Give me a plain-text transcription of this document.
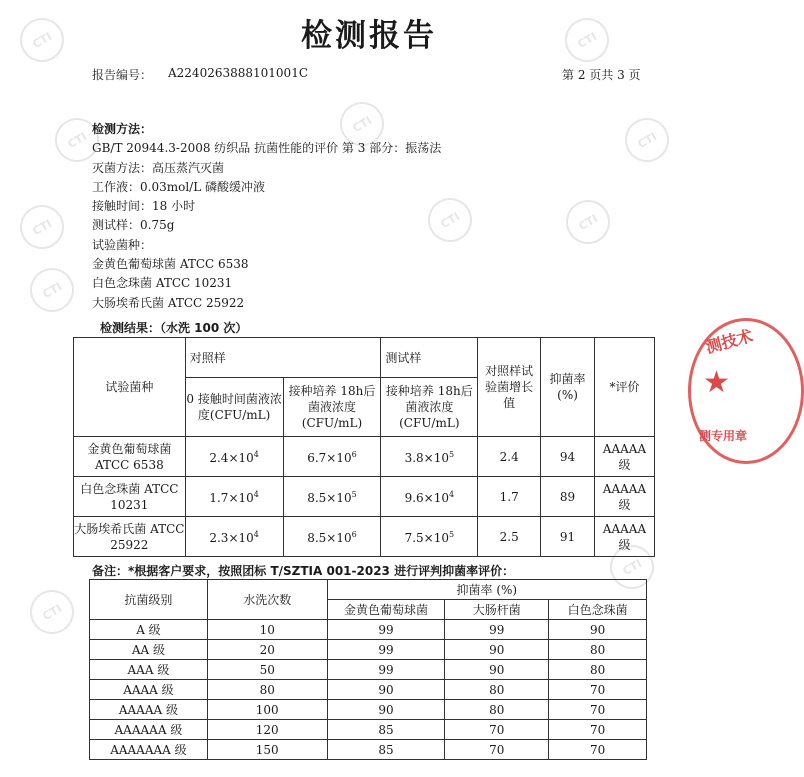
CTI	CTI
CTI
CTI
CTI
CTI	CTI	CTI
CTI
CTI
CTI
测技术
★
测专用章
检测报告
报告编号： A2240263888101001C	第 2 页共 3 页
检测方法：
GB/T 20944.3-2008 纺织品 抗菌性能的评价 第 3 部分：振荡法
灭菌方法：高压蒸汽灭菌
工作液：0.03mol/L 磷酸缓冲液
接触时间：18 小时
测试样：0.75g
试验菌种：
金黄色葡萄球菌 ATCC 6538
白色念珠菌 ATCC 10231
大肠埃希氏菌 ATCC 25922
检测结果：（水洗 100 次）
试验菌种	对照样		测试样	对照样试验菌增长值	抑菌率(%)	*评价
	0 接触时间菌液浓度(CFU/mL)	接种培养 18h后菌液浓度(CFU/mL)	接种培养 18h后菌液浓度(CFU/mL)			
金黄色葡萄球菌 ATCC 6538	$2.4\times 10^4$	$6.7\times 10^6$	$3.8\times 10^5$	2.4	94	AAAAA级
白色念珠菌 ATCC 10231	$1.7\times 10^4$	$8.5\times 10^5$	$9.6\times 10^4$	1.7	89	AAAAA级
大肠埃希氏菌 ATCC 25922	$2.3\times 10^4$	$8.5\times 10^6$	$7.5\times 10^5$	2.5	91	AAAAA级
备注：*根据客户要求，按照团标 T/SZTIA 001-2023 进行评判抑菌率评价：
抗菌级别	水洗次数	抑菌率 (%)		
		金黄色葡萄球菌	大肠杆菌	白色念珠菌
A 级	10	99	99	90
AA 级	20	99	90	80
AAA 级	50	99	90	80
AAAA 级	80	90	80	70
AAAAA 级	100	90	80	70
AAAAAA 级	120	85	70	70
AAAAAAA 级	150	85	70	70
